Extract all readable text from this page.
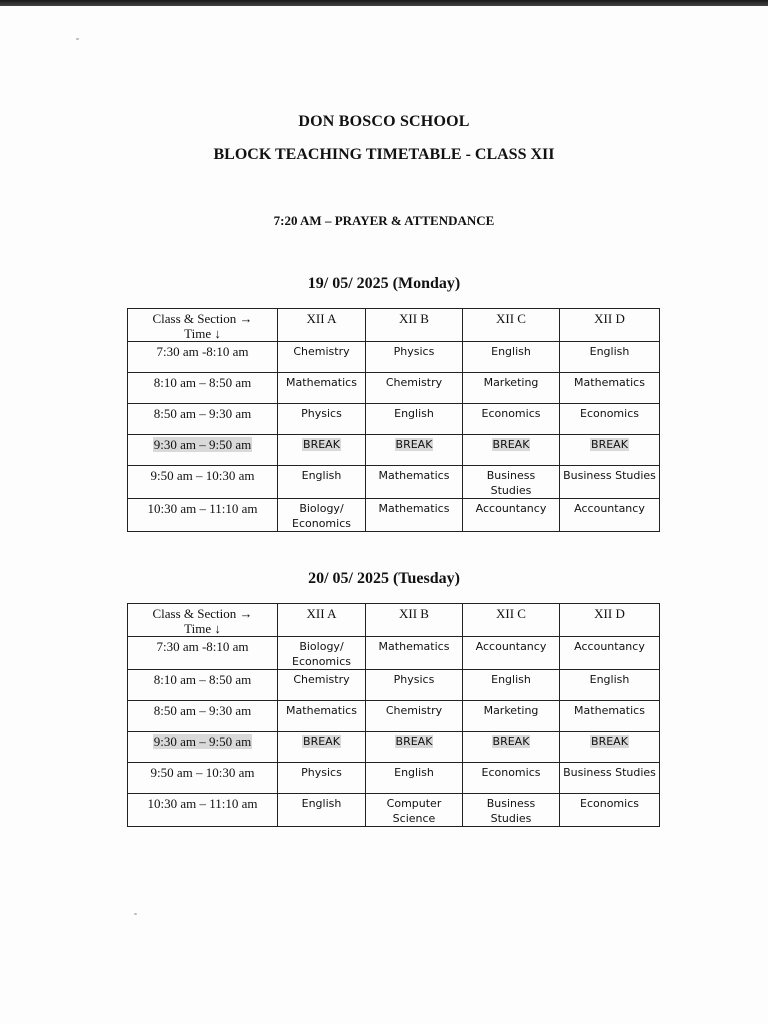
DON BOSCO SCHOOL
BLOCK TEACHING TIMETABLE - CLASS XII
7:20 AM – PRAYER & ATTENDANCE
19/ 05/ 2025 (Monday)
Class & Section →
Time ↓	XII A	XII B	XII C	XII D
7:30 am -8:10 am	Chemistry	Physics	English	English
8:10 am – 8:50 am	Mathematics	Chemistry	Marketing	Mathematics
8:50 am – 9:30 am	Physics	English	Economics	Economics
9:30 am – 9:50 am	BREAK	BREAK	BREAK	BREAK
9:50 am – 10:30 am	English	Mathematics	Business Studies	Business Studies
10:30 am – 11:10 am	Biology/ Economics	Mathematics	Accountancy	Accountancy
20/ 05/ 2025 (Tuesday)
Class & Section →
Time ↓	XII A	XII B	XII C	XII D
7:30 am -8:10 am	Biology/ Economics	Mathematics	Accountancy	Accountancy
8:10 am – 8:50 am	Chemistry	Physics	English	English
8:50 am – 9:30 am	Mathematics	Chemistry	Marketing	Mathematics
9:30 am – 9:50 am	BREAK	BREAK	BREAK	BREAK
9:50 am – 10:30 am	Physics	English	Economics	Business Studies
10:30 am – 11:10 am	English	Computer Science	Business Studies	Economics
